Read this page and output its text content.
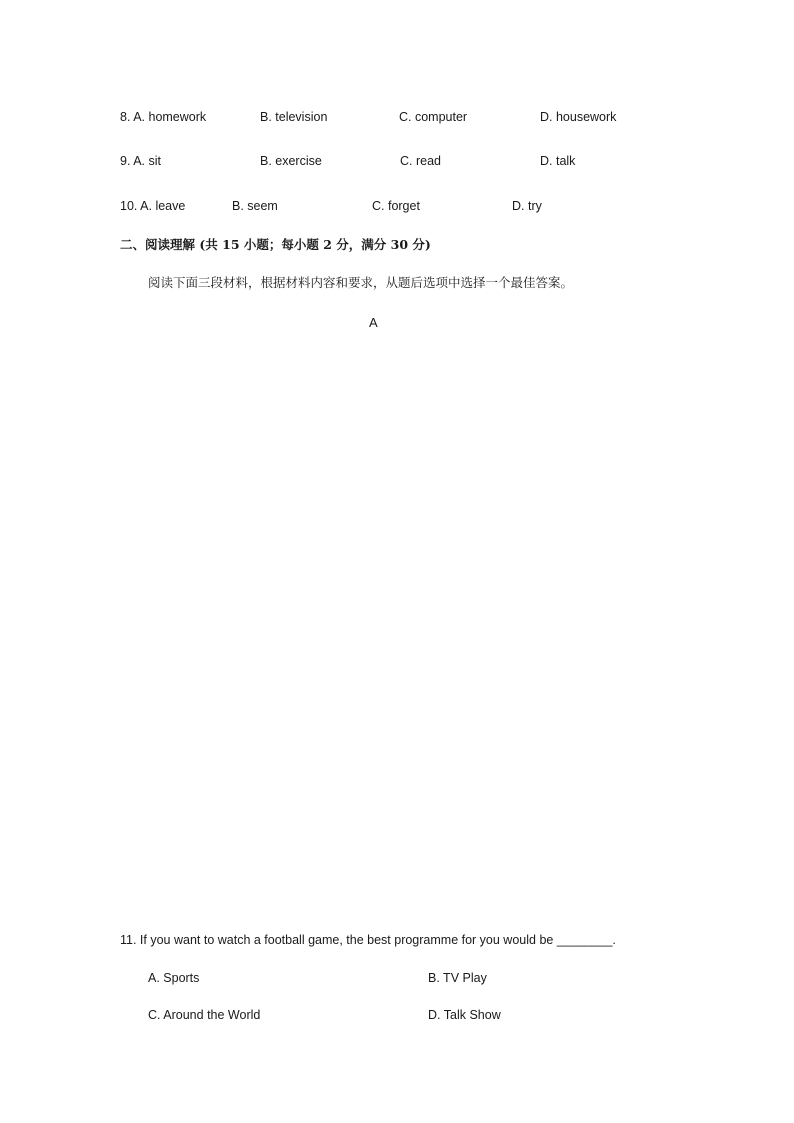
8. A. homework	B. television	C. computer	D. housework
9. A. sit	B. exercise	C. read	D. talk
10. A. leave	B. seem	C. forget	D. try
二、阅读理解 (共 15 小题；每小题 2 分，满分 30 分)
阅读下面三段材料，根据材料内容和要求，从题后选项中选择一个最佳答案。
A
11. If you want to watch a football game, the best programme for you would be ________.
A. Sports	B. TV Play
C. Around the World	D. Talk Show
